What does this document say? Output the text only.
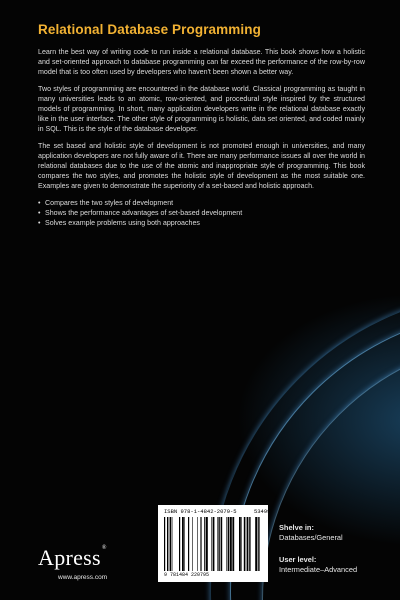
Relational Database Programming

Learn the best way of writing code to run inside a relational database. This book shows how a holistic and set-oriented approach to database programming can far exceed the performance of the row-by-row model that is too often used by developers who haven't been shown a better way.

Two styles of programming are encountered in the database world. Classical programming as taught in many universities leads to an atomic, row-oriented, and procedural style inspired by the structured models of programming. In short, many application developers write in the relational database exactly like in the user interface. The other style of programming is holistic, data set oriented, and coded mainly in SQL. This is the style of the database developer.

The set based and holistic style of development is not promoted enough in universities, and many application developers are not fully aware of it. There are many performance issues all over the world in relational databases due to the use of the atomic and inappropriate style of programming. This book compares the two styles, and promotes the holistic style of development as the most suitable one. Examples are given to demonstrate the superiority of a set-based and holistic approach.

• Compares the two styles of development
• Shows the performance advantages of set-based development
• Solves example problems using both approaches
ISBN 978-1-4842-2079-5	53499
9 781484 220795
Shelve in:
Databases/General
User level:
Intermediate–Advanced
Apress®
www.apress.com
